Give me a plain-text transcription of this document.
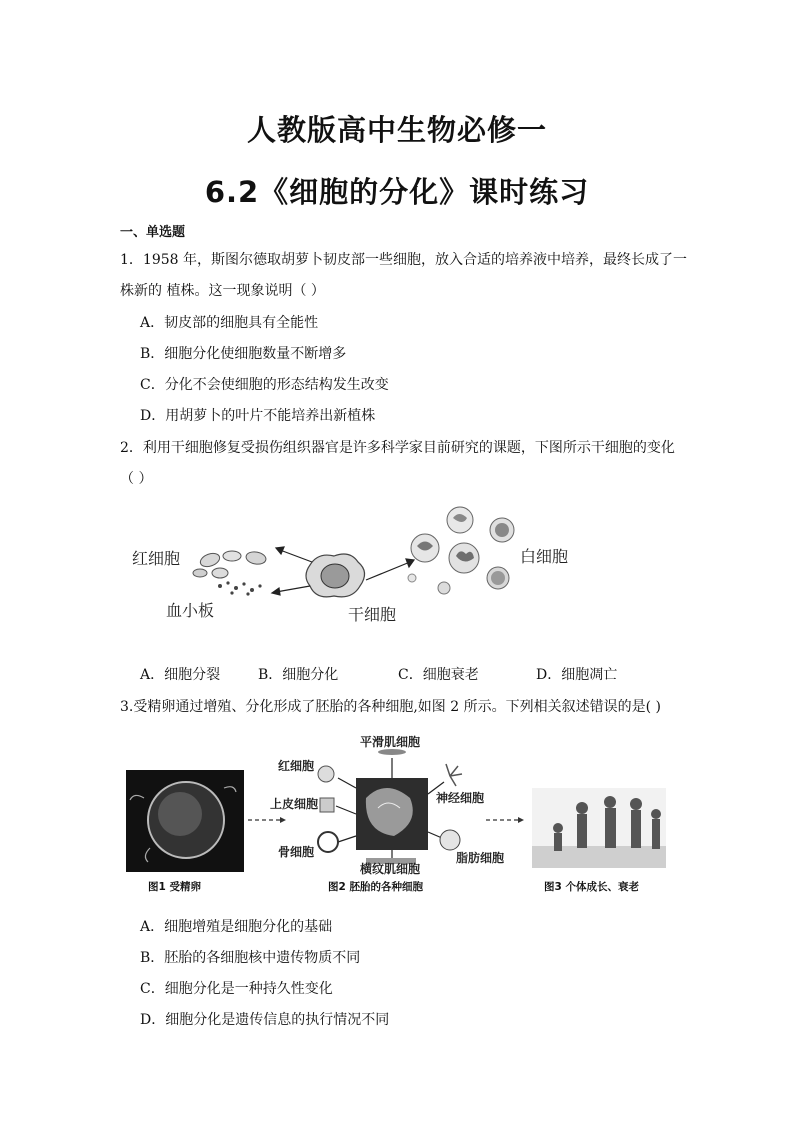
人教版高中生物必修一
6.2《细胞的分化》课时练习
一、单选题
1．1958 年，斯图尔德取胡萝卜韧皮部一些细胞，放入合适的培养液中培养，最终长成了一
株新的 植株。这一现象说明（ ）
A．韧皮部的细胞具有全能性
B．细胞分化使细胞数量不断增多
C．分化不会使细胞的形态结构发生改变
D．用胡萝卜的叶片不能培养出新植株
2．利用干细胞修复受损伤组织器官是许多科学家目前研究的课题，下图所示干细胞的变化
（ ）
红细胞
血小板	干细胞
白细胞
A．细胞分裂	B．细胞分化	C．细胞衰老	D．细胞凋亡
3.受精卵通过增殖、分化形成了胚胎的各种细胞,如图 2 所示。下列相关叙述错误的是( )
平滑肌细胞
红细胞
上皮细胞	神经细胞
骨细胞	脂肪细胞
横纹肌细胞
图1 受精卵	图2 胚胎的各种细胞	图3 个体成长、衰老
A．细胞增殖是细胞分化的基础
B．胚胎的各细胞核中遗传物质不同
C．细胞分化是一种持久性变化
D．细胞分化是遗传信息的执行情况不同
